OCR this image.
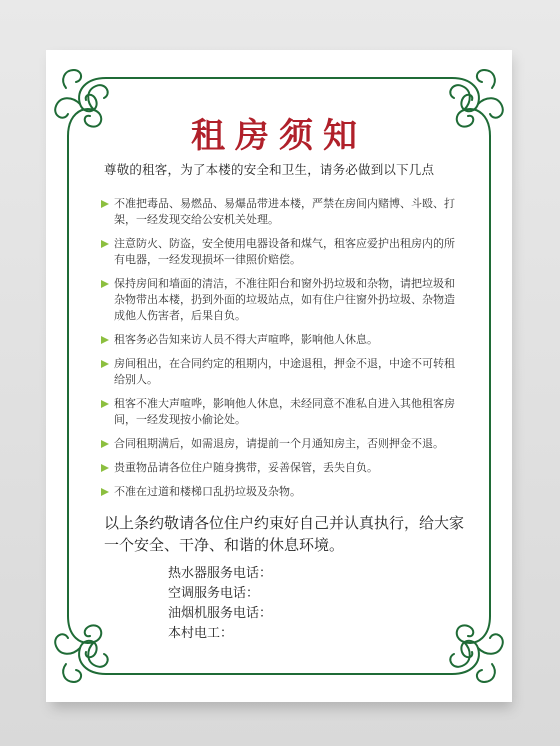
租房须知
尊敬的租客，为了本楼的安全和卫生，请务必做到以下几点
不准把毒品、易燃品、易爆品带进本楼，严禁在房间内赌博、斗殴、打架，一经发现交给公安机关处理。
注意防火、防盗，安全使用电器设备和煤气，租客应爱护出租房内的所有电器，一经发现损坏一律照价赔偿。
保持房间和墙面的清洁，不准往阳台和窗外扔垃圾和杂物，请把垃圾和杂物带出本楼，扔到外面的垃圾站点，如有住户往窗外扔垃圾、杂物造成他人伤害者，后果自负。
租客务必告知来访人员不得大声喧哗，影响他人休息。
房间租出，在合同约定的租期内，中途退租，押金不退，中途不可转租给别人。
租客不准大声喧哗，影响他人休息，未经同意不准私自进入其他租客房间，一经发现按小偷论处。
合同租期满后，如需退房，请提前一个月通知房主，否则押金不退。
贵重物品请各位住户随身携带，妥善保管，丢失自负。
不准在过道和楼梯口乱扔垃圾及杂物。
以上条约敬请各位住户约束好自己并认真执行，给大家一个安全、干净、和谐的休息环境。
热水器服务电话：
空调服务电话：
油烟机服务电话：
本村电工：
